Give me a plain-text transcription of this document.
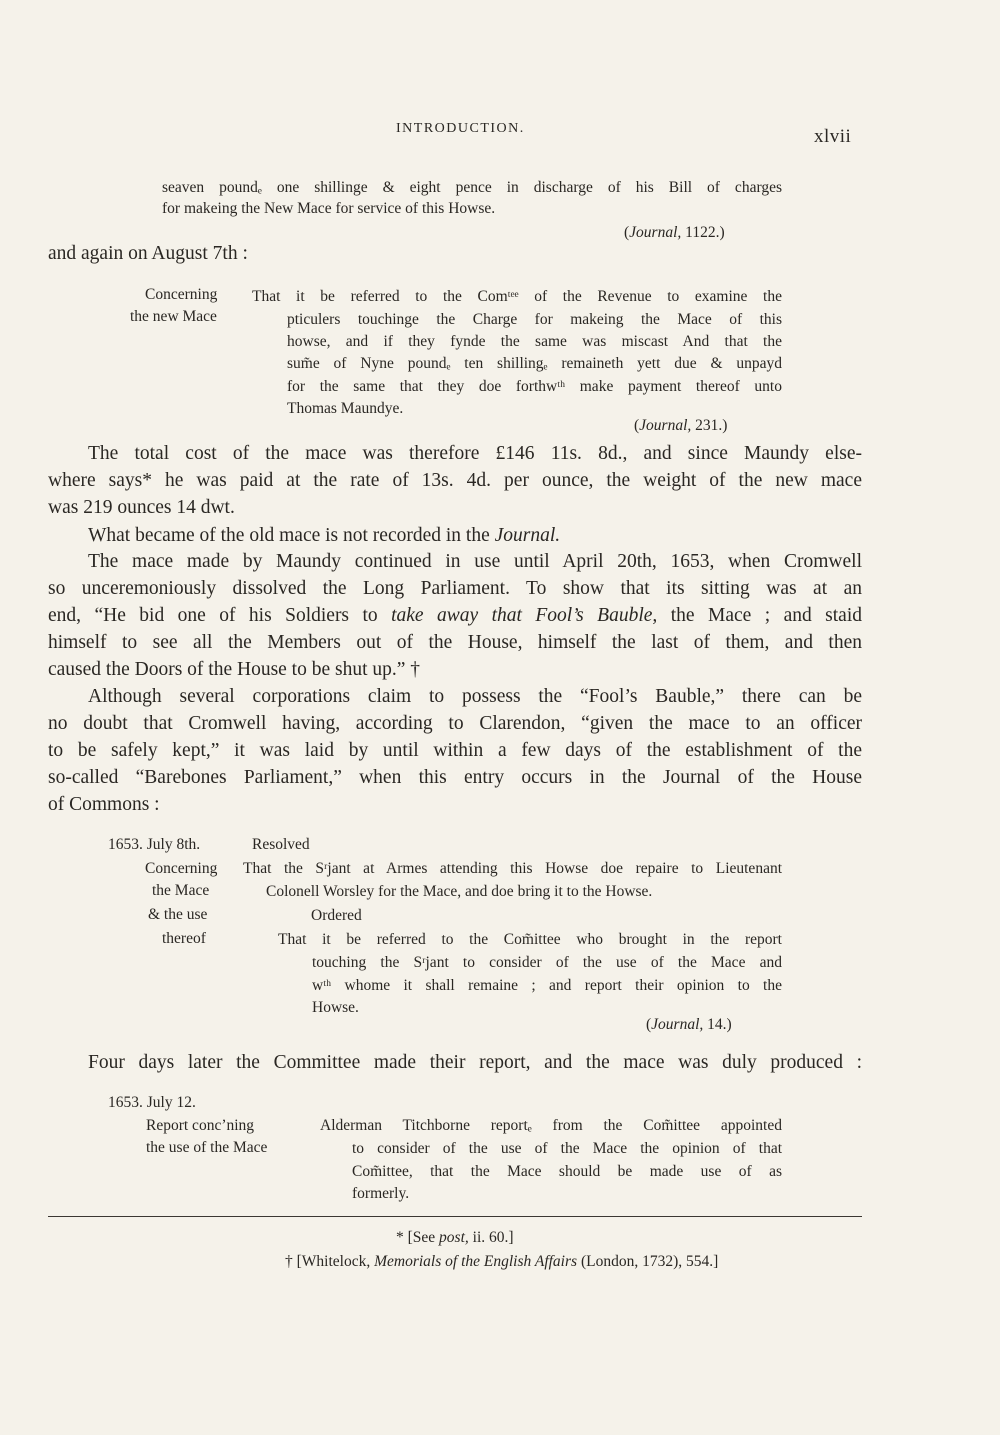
INTRODUCTION.	xlvii
seaven poundₑ one shillinge & eight pence in discharge of his Bill of charges
for makeing the New Mace for service of this Howse.
(Journal, 1122.)
and again on August 7th :
Concerning
the new Mace
That it be referred to the Comᵗᵉᵉ of the Revenue to examine the
pticulers touchinge the Charge for makeing the Mace of this
howse, and if they fynde the same was miscast And that the
sum̃e of Nyne poundₑ ten shillingₑ remaineth yett due & unpayd
for the same that they doe forthwᵗʰ make payment thereof unto
Thomas Maundye.
(Journal, 231.)
The total cost of the mace was therefore £146 11s. 8d., and since Maundy else-
where says* he was paid at the rate of 13s. 4d. per ounce, the weight of the new mace
was 219 ounces 14 dwt.
What became of the old mace is not recorded in the Journal.
The mace made by Maundy continued in use until April 20th, 1653, when Cromwell
so unceremoniously dissolved the Long Parliament. To show that its sitting was at an
end, “He bid one of his Soldiers to take away that Fool’s Bauble, the Mace ; and staid
himself to see all the Members out of the House, himself the last of them, and then
caused the Doors of the House to be shut up.” †
Although several corporations claim to possess the “Fool’s Bauble,” there can be
no doubt that Cromwell having, according to Clarendon, “given the mace to an officer
to be safely kept,” it was laid by until within a few days of the establishment of the
so-called “Barebones Parliament,” when this entry occurs in the Journal of the House
of Commons :
1653. July 8th.	Resolved
Concerning
the Mace
& the use
thereof
That the Sʳjant at Armes attending this Howse doe repaire to Lieutenant
Colonell Worsley for the Mace, and doe bring it to the Howse.
Ordered
That it be referred to the Com̃ittee who brought in the report
touching the Sʳjant to consider of the use of the Mace and
wᵗʰ whome it shall remaine ; and report their opinion to the
Howse.
(Journal, 14.)
Four days later the Committee made their report, and the mace was duly produced :
1653. July 12.
Report conc’ning
the use of the Mace
Alderman Titchborne reportₑ from the Com̃ittee appointed
to consider of the use of the Mace the opinion of that
Com̃ittee, that the Mace should be made use of as
formerly.
* [See post, ii. 60.]
† [Whitelock, Memorials of the English Affairs (London, 1732), 554.]
